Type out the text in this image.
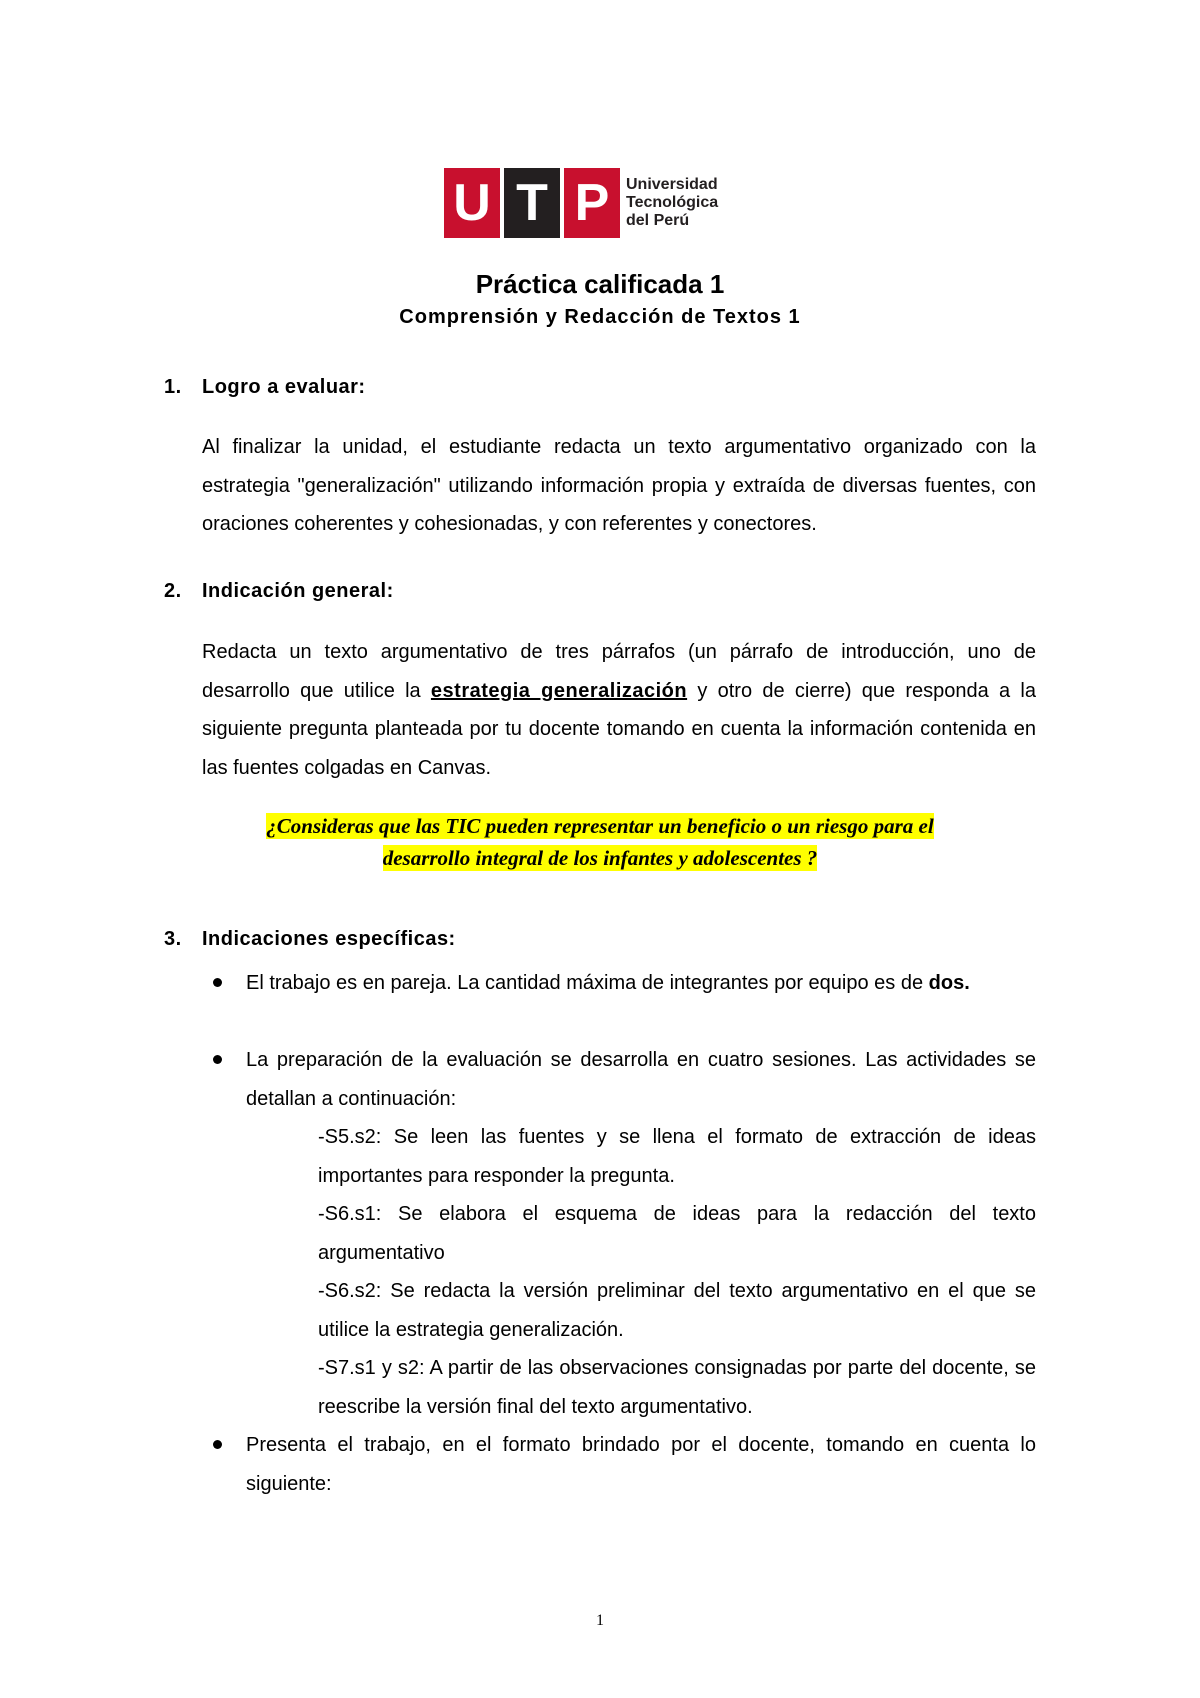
U T P	Universidad
Tecnológica
del Perú
Práctica calificada 1
Comprensión y Redacción de Textos 1
1. Logro a evaluar:
Al finalizar la unidad, el estudiante redacta un texto argumentativo organizado con la estrategia "generalización" utilizando información propia y extraída de diversas fuentes, con oraciones coherentes y cohesionadas, y con referentes y conectores.
2. Indicación general:
Redacta un texto argumentativo de tres párrafos (un párrafo de introducción, uno de desarrollo que utilice la estrategia generalización y otro de cierre) que responda a la siguiente pregunta planteada por tu docente tomando en cuenta la información contenida en las fuentes colgadas en Canvas.
¿Consideras que las TIC pueden representar un beneficio o un riesgo para el
desarrollo integral de los infantes y adolescentes ?
3. Indicaciones específicas:
El trabajo es en pareja. La cantidad máxima de integrantes por equipo es de dos.
La preparación de la evaluación se desarrolla en cuatro sesiones. Las actividades se detallan a continuación:
-S5.s2: Se leen las fuentes y se llena el formato de extracción de ideas importantes para responder la pregunta.
-S6.s1: Se elabora el esquema de ideas para la redacción del texto argumentativo
-S6.s2: Se redacta la versión preliminar del texto argumentativo en el que se utilice la estrategia generalización.
-S7.s1 y s2: A partir de las observaciones consignadas por parte del docente, se reescribe la versión final del texto argumentativo.
Presenta el trabajo, en el formato brindado por el docente, tomando en cuenta lo siguiente:
1
